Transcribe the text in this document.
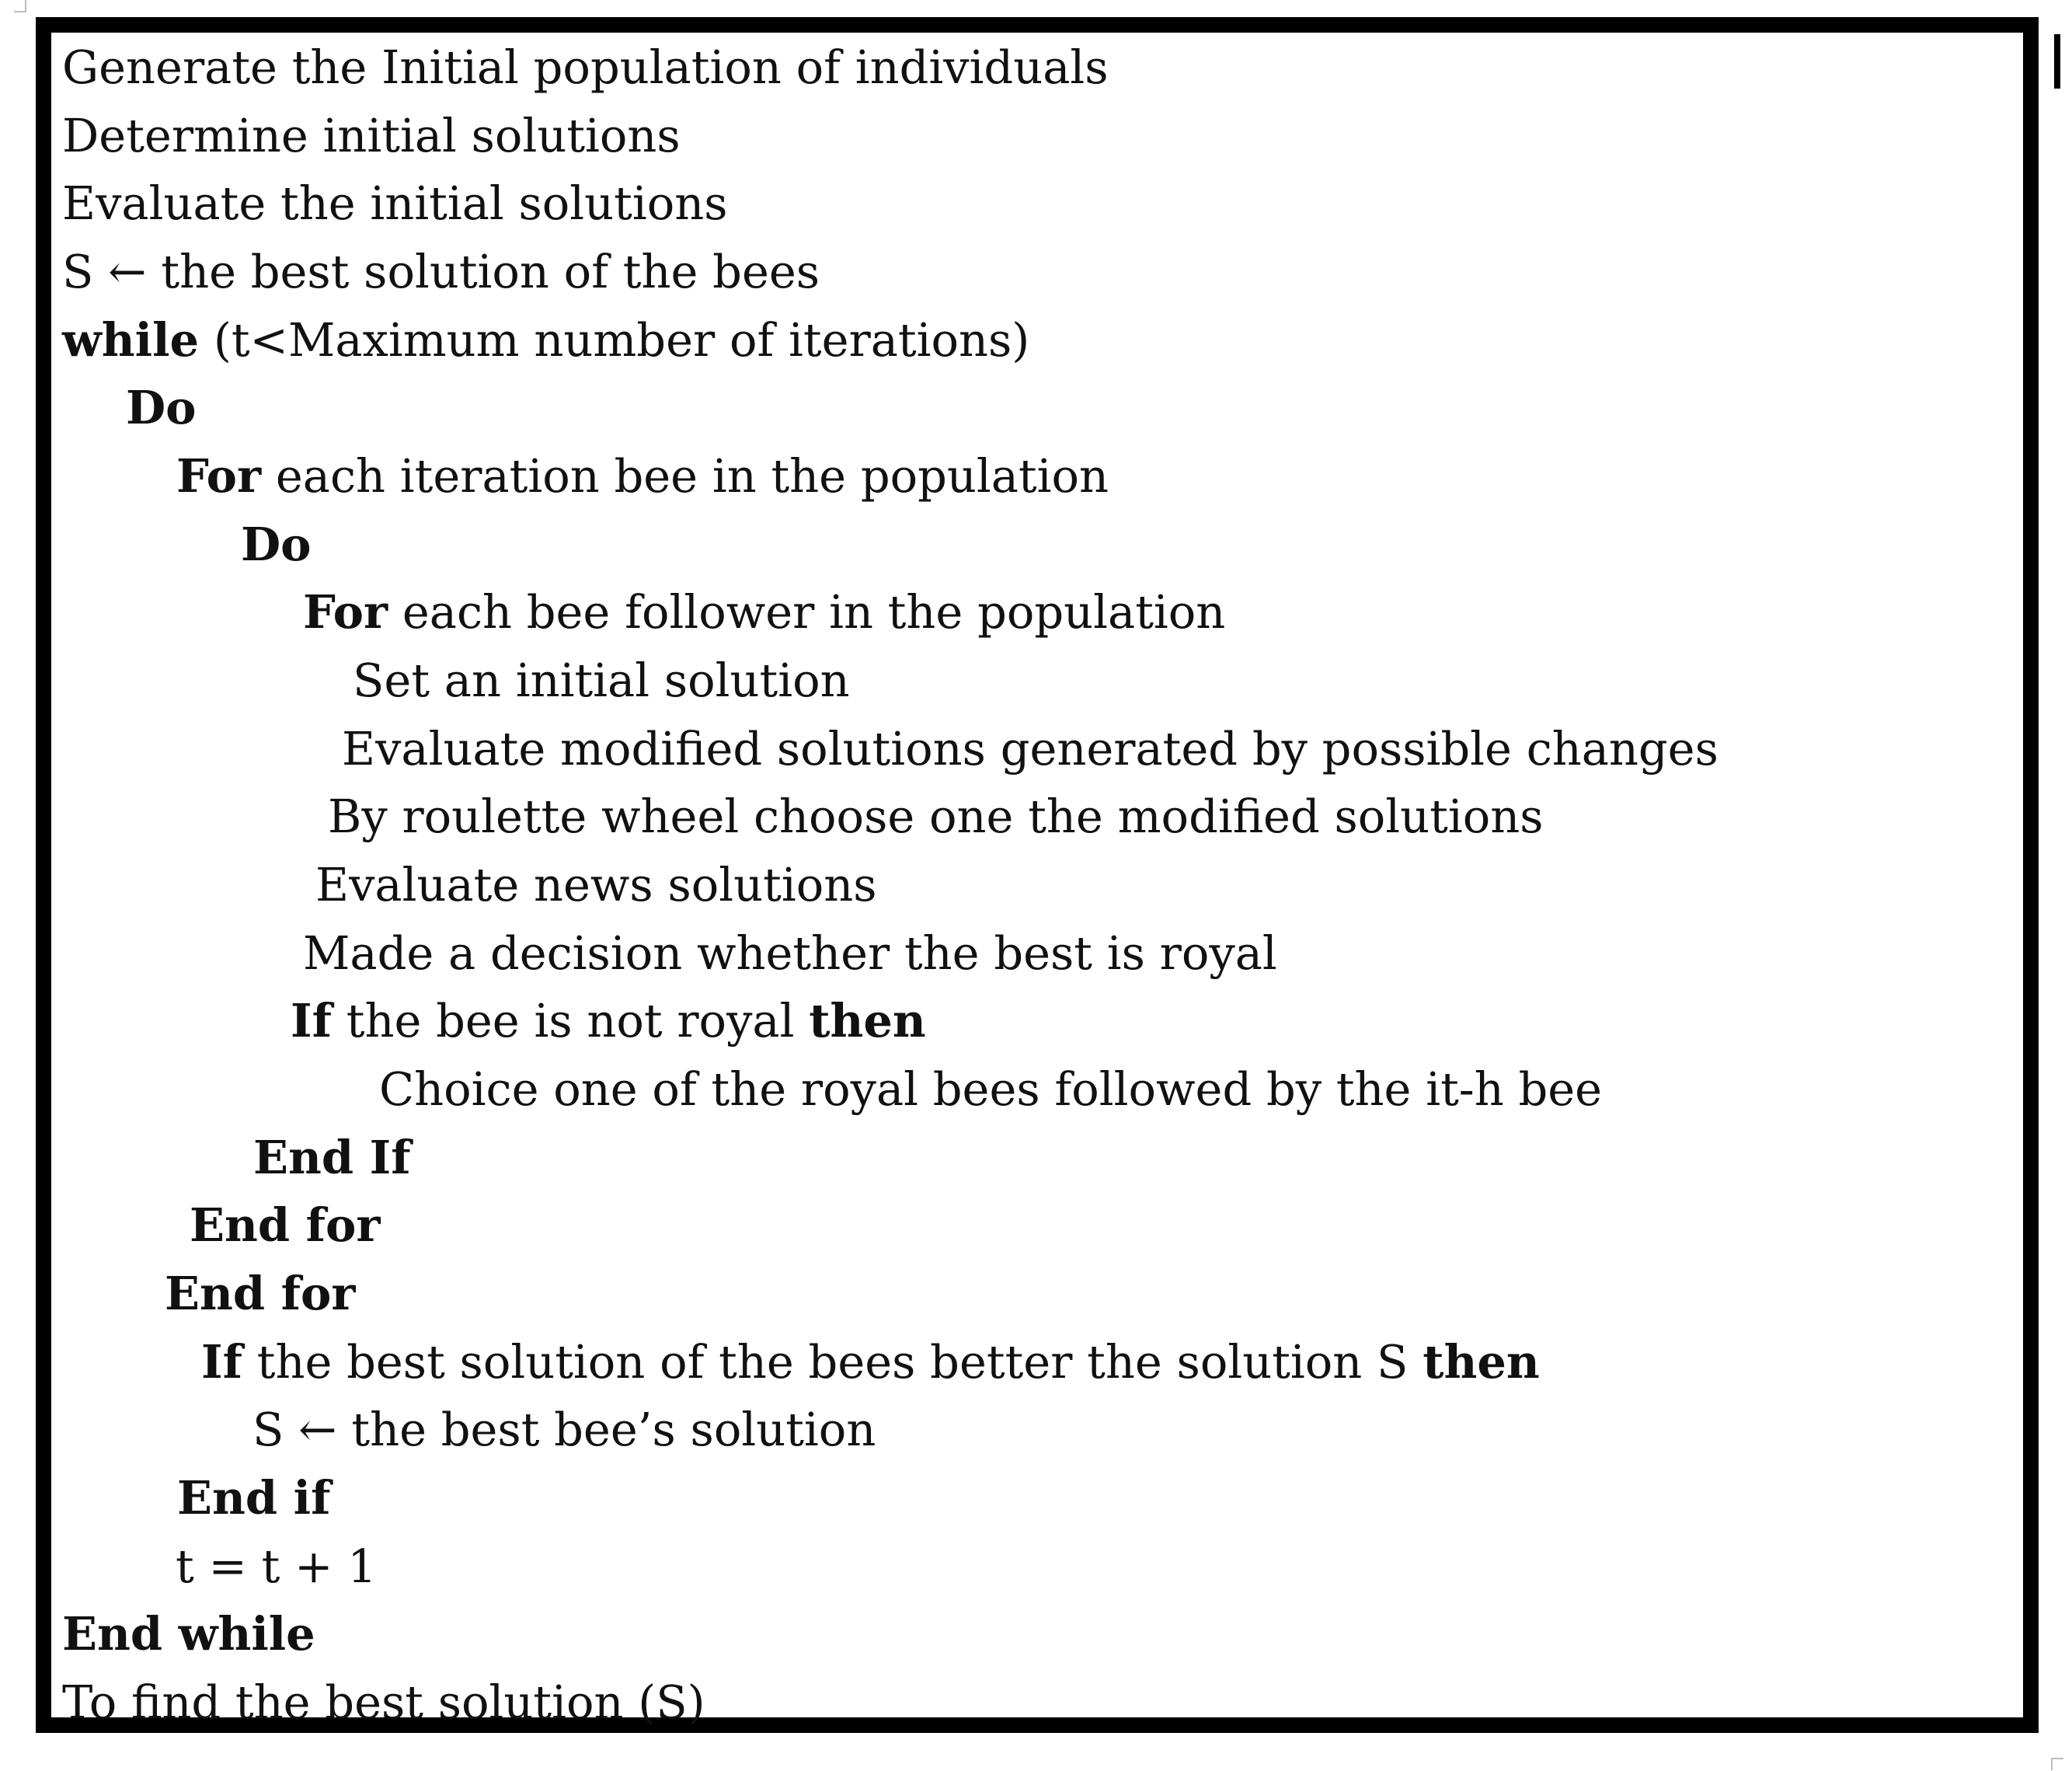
Generate the Initial population of individuals
Determine initial solutions
Evaluate the initial solutions
S ← the best solution of the bees
while (t<Maximum number of iterations)
Do
For each iteration bee in the population
Do
For each bee follower in the population
Set an initial solution
Evaluate modified solutions generated by possible changes
By roulette wheel choose one the modified solutions
Evaluate news solutions
Made a decision whether the best is royal
If the bee is not royal then
Choice one of the royal bees followed by the it-h bee
End If
End for
End for
If the best solution of the bees better the solution S then
S ← the best bee’s solution
End if
t = t + 1
End while
To find the best solution (S)
